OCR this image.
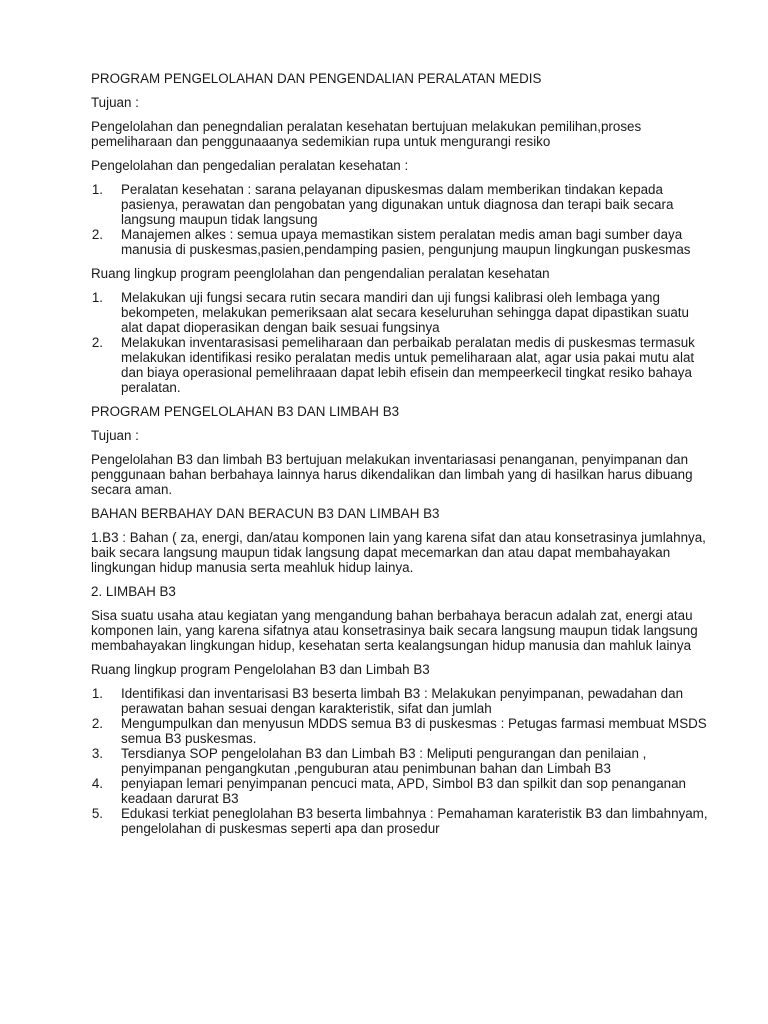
PROGRAM PENGELOLAHAN DAN PENGENDALIAN PERALATAN MEDIS

Tujuan :

Pengelolahan dan penegndalian peralatan kesehatan bertujuan melakukan pemilihan,proses pemeliharaan dan penggunaaanya sedemikian rupa untuk mengurangi resiko

Pengelolahan dan pengedalian peralatan kesehatan :

1.	Peralatan kesehatan : sarana pelayanan dipuskesmas dalam memberikan tindakan kepada pasienya, perawatan dan pengobatan yang digunakan untuk diagnosa dan terapi baik secara langsung maupun tidak langsung
2.	Manajemen alkes : semua upaya memastikan sistem peralatan medis aman bagi sumber daya manusia di puskesmas,pasien,pendamping pasien, pengunjung maupun lingkungan puskesmas

Ruang lingkup program peenglolahan dan pengendalian peralatan kesehatan

1.	Melakukan uji fungsi secara rutin secara mandiri dan uji fungsi kalibrasi oleh lembaga yang bekompeten, melakukan pemeriksaan alat secara keseluruhan sehingga dapat dipastikan suatu alat dapat dioperasikan dengan baik sesuai fungsinya
2.	Melakukan inventarasisasi pemeliharaan dan perbaikab peralatan medis di puskesmas termasuk melakukan identifikasi resiko peralatan medis untuk pemeliharaan alat, agar usia pakai mutu alat dan biaya operasional pemelihraaan dapat lebih efisein dan mempeerkecil tingkat resiko bahaya peralatan.

PROGRAM PENGELOLAHAN B3 DAN LIMBAH B3

Tujuan :

Pengelolahan B3 dan limbah B3 bertujuan melakukan inventariasasi penanganan, penyimpanan dan penggunaan bahan berbahaya lainnya harus dikendalikan dan limbah yang di hasilkan harus dibuang secara aman.

BAHAN BERBAHAY DAN BERACUN B3 DAN LIMBAH B3

1.B3 : Bahan ( za, energi, dan/atau komponen lain yang karena sifat dan atau konsetrasinya jumlahnya, baik secara langsung maupun tidak langsung dapat mecemarkan dan atau dapat membahayakan lingkungan hidup manusia serta meahluk hidup lainya.

2. LIMBAH B3

Sisa suatu usaha atau kegiatan yang mengandung bahan berbahaya beracun adalah zat, energi atau komponen lain, yang karena sifatnya atau konsetrasinya baik secara langsung maupun tidak langsung membahayakan lingkungan hidup, kesehatan serta kealangsungan hidup manusia dan mahluk lainya

Ruang lingkup program Pengelolahan B3 dan Limbah B3

1.	Identifikasi dan inventarisasi B3 beserta limbah B3 : Melakukan penyimpanan, pewadahan dan perawatan bahan sesuai dengan karakteristik, sifat dan jumlah
2.	Mengumpulkan dan menyusun MDDS semua B3 di puskesmas : Petugas farmasi membuat MSDS semua B3 puskesmas.
3.	Tersdianya SOP pengelolahan B3 dan Limbah B3 : Meliputi pengurangan dan penilaian , penyimpanan pengangkutan ,penguburan atau penimbunan bahan dan Limbah B3
4.	penyiapan lemari penyimpanan pencuci mata, APD, Simbol B3 dan spilkit dan sop penanganan keadaan darurat B3
5.	Edukasi terkiat peneglolahan B3 beserta limbahnya : Pemahaman karateristik B3 dan limbahnyam, pengelolahan di puskesmas seperti apa dan prosedur
